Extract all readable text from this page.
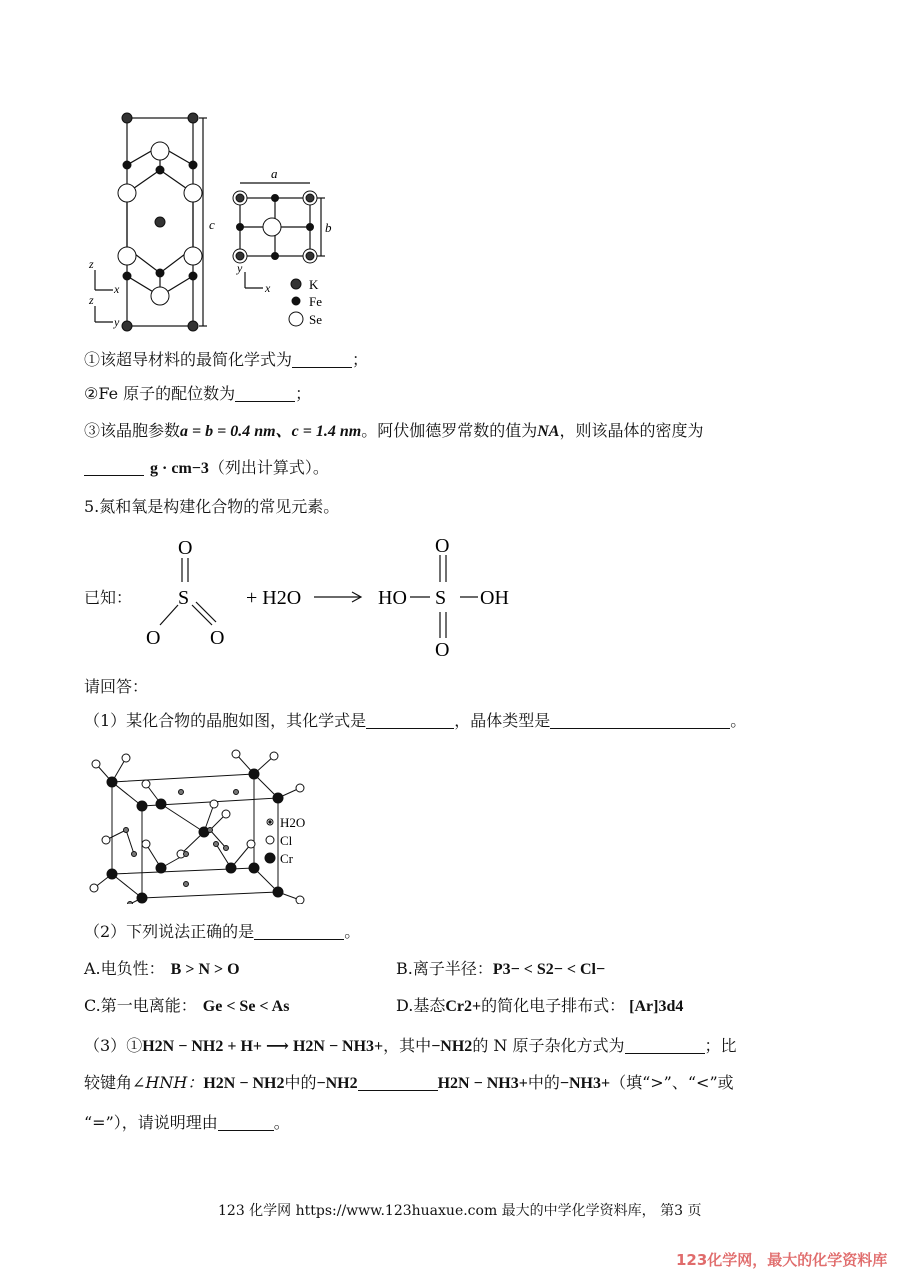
c
a
b
z
x
z
y
y
x	K
Fe
Se
①该超导材料的最简化学式为	；
②Fe 原子的配位数为	；
③该晶胞参数a = b = 0.4 nm、c = 1.4 nm。阿伏伽德罗常数的值为NA，则该晶体的密度为
g · cm−3（列出计算式）。
5.氮和氧是构建化合物的常见元素。
已知：
O
S
O O
+ H2O	HO S OH
O
O
请回答：
（1）某化合物的晶胞如图，其化学式是	，晶体类型是	。
H2O
Cl
Cr
（2）下列说法正确的是	。
A.电负性： B > N > O	B.离子半径：P3− < S2− < Cl−
C.第一电离能： Ge < Se < As	D.基态Cr2+的简化电子排布式： [Ar]3d4
（3）①H2N − NH2 + H+ ⟶ H2N − NH3+，其中−NH2的 N 原子杂化方式为	；比
较键角∠HNH：H2N − NH2中的−NH2	H2N − NH3+中的−NH3+（填“>”、“<”或
“=”），请说明理由	。
123 化学网 https://www.123huaxue.com 最大的中学化学资料库， 第3 页
123化学网，最大的化学资料库
